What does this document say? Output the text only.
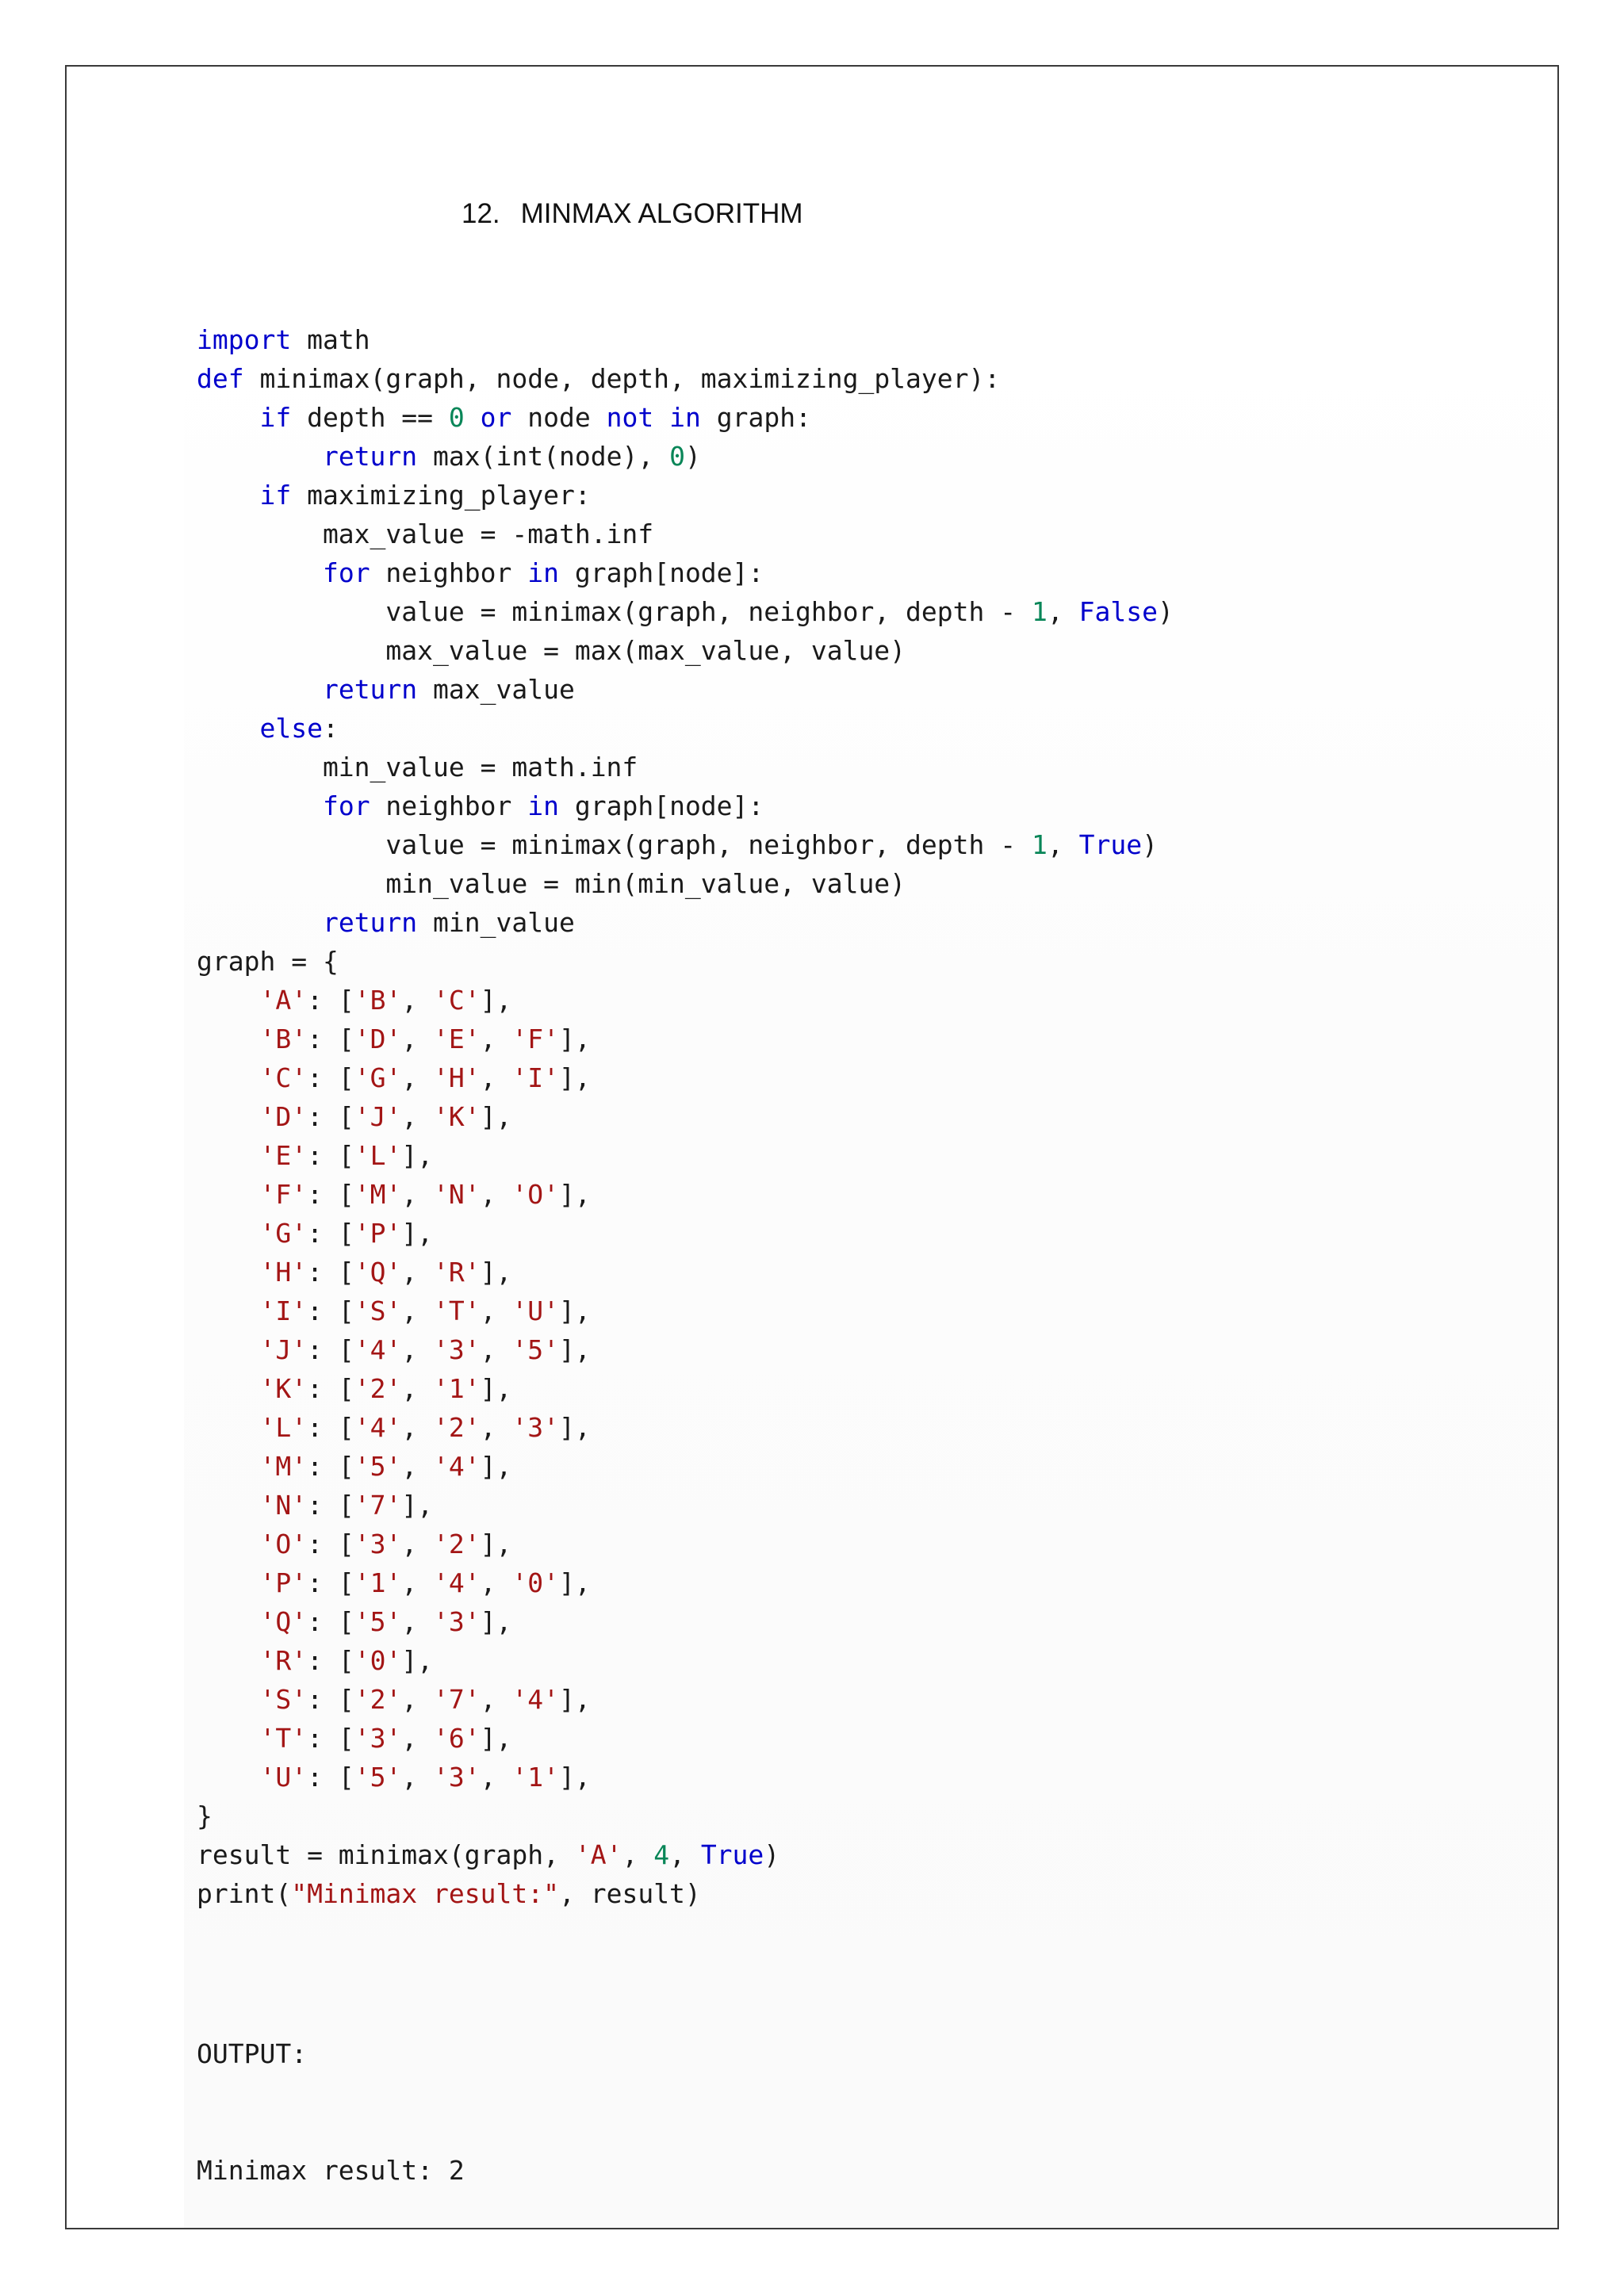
12. MINMAX ALGORITHM
import math
def minimax(graph, node, depth, maximizing_player):
if depth == 0 or node not in graph:
return max(int(node), 0)
if maximizing_player:
max_value = -math.inf
for neighbor in graph[node]:
value = minimax(graph, neighbor, depth - 1, False)
max_value = max(max_value, value)
return max_value
else:
min_value = math.inf
for neighbor in graph[node]:
value = minimax(graph, neighbor, depth - 1, True)
min_value = min(min_value, value)
return min_value
graph = {
'A': ['B', 'C'],
'B': ['D', 'E', 'F'],
'C': ['G', 'H', 'I'],
'D': ['J', 'K'],
'E': ['L'],
'F': ['M', 'N', 'O'],
'G': ['P'],
'H': ['Q', 'R'],
'I': ['S', 'T', 'U'],
'J': ['4', '3', '5'],
'K': ['2', '1'],
'L': ['4', '2', '3'],
'M': ['5', '4'],
'N': ['7'],
'O': ['3', '2'],
'P': ['1', '4', '0'],
'Q': ['5', '3'],
'R': ['0'],
'S': ['2', '7', '4'],
'T': ['3', '6'],
'U': ['5', '3', '1'],
}
result = minimax(graph, 'A', 4, True)
print("Minimax result:", result)

OUTPUT:

Minimax result: 2
